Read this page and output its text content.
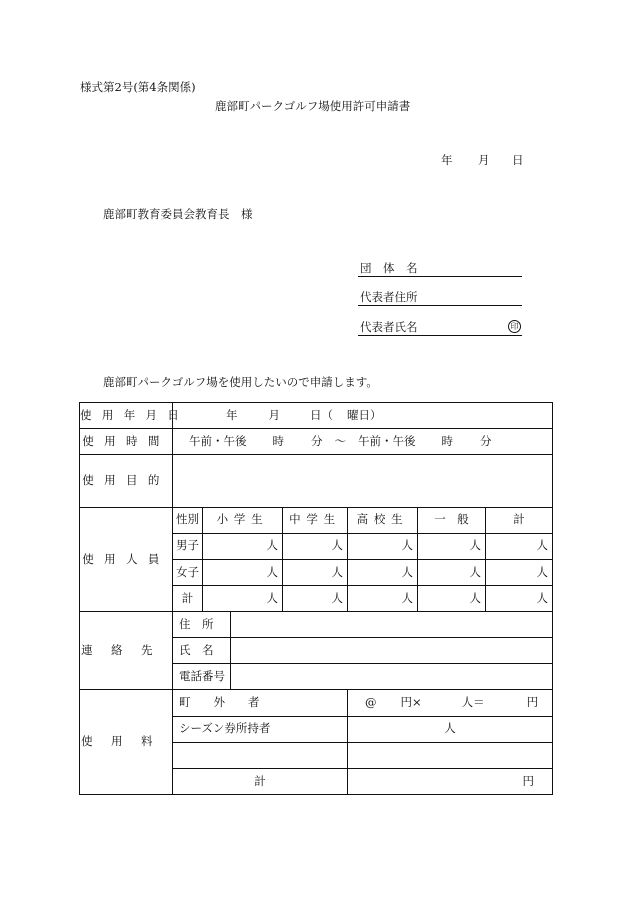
様式第2号(第4条関係)
鹿部町パークゴルフ場使用許可申請書
年 月 日
鹿部町教育委員会教育長　様
団　体　名
代表者住所
代表者氏名	印
鹿部町パークゴルフ場を使用したいので申請します。
使用年月日	年 月 日（ 曜日）						
使用時間	午前・午後 時 分 ～ 午前・午後 時 分						
使用目的							
使用人員	性別	小学生		中学生	高校生	一　般	計
	男子	人		人	人	人	人
	女子	人		人	人	人	人
	計	人		人	人	人	人
連絡先	住　所						
	氏　名						
	電話番号						
使用料	町　　外　　者				@ 円× 人＝ 円		
	シーズン券所持者				人		

	計				円		
